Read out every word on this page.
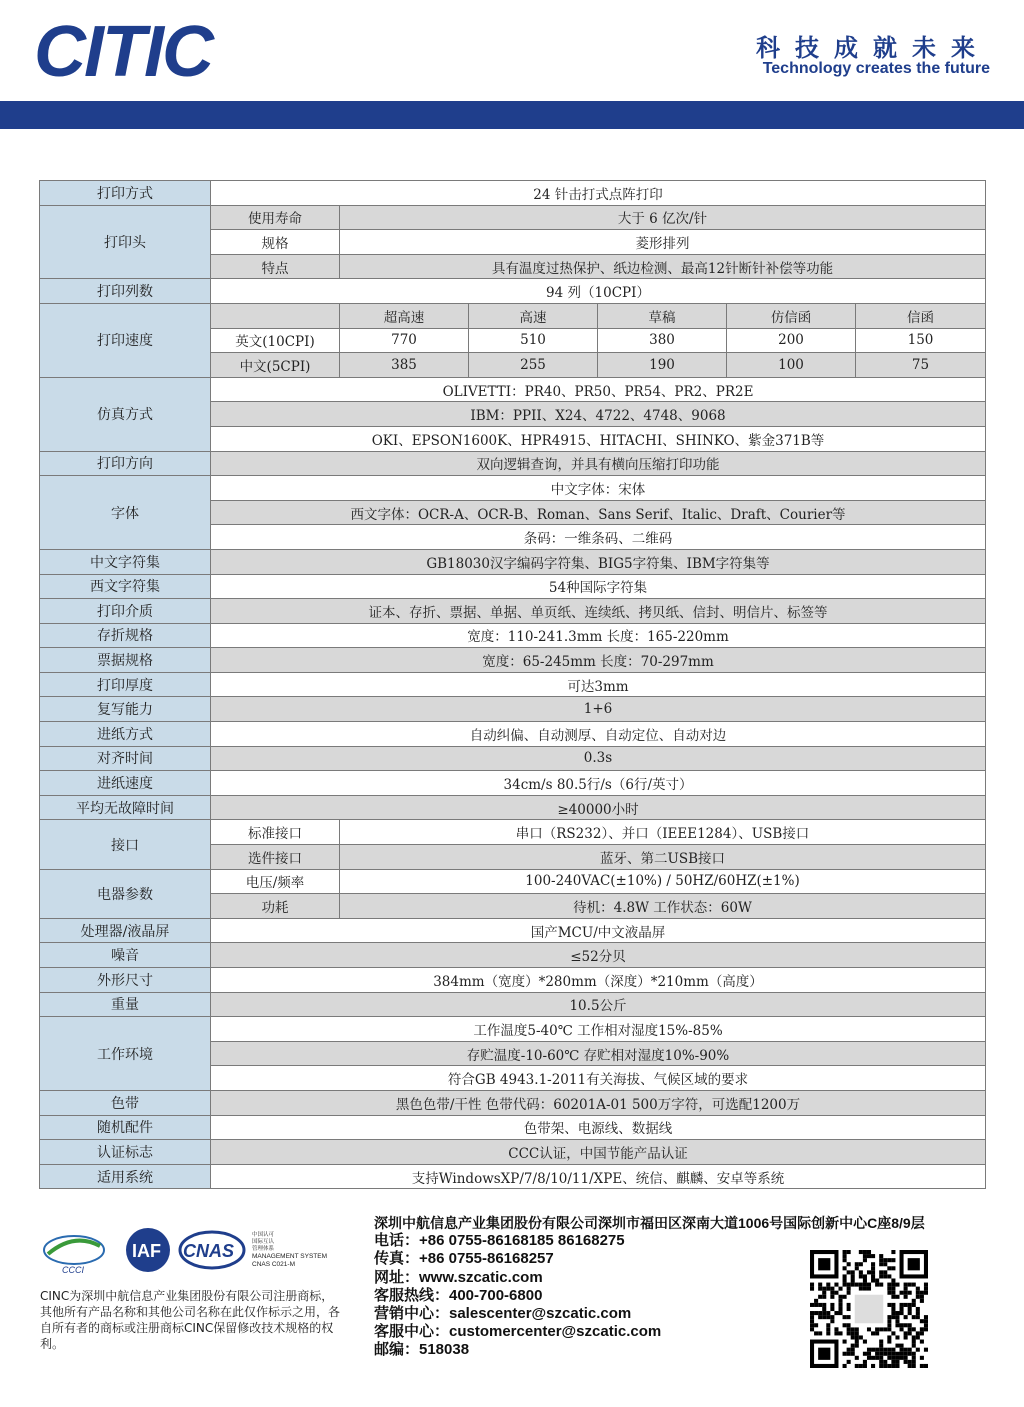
CITIC	科技成就未来
Technology creates the future
打印方式	24 针击打式点阵打印					
打印头	使用寿命	大于 6 亿次/针				
	规格	菱形排列				
	特点	具有温度过热保护、纸边检测、最高12针断针补偿等功能				
打印列数	94 列（10CPI）					
打印速度		超高速	高速	草稿	仿信函	信函
	英文(10CPI)	770	510	380	200	150
	中文(5CPI)	385	255	190	100	75
仿真方式	OLIVETTI：PR40、PR50、PR54、PR2、PR2E					
	IBM：PPII、X24、4722、4748、9068					
	OKI、EPSON1600K、HPR4915、HITACHI、SHINKO、紫金371B等					
打印方向	双向逻辑查询，并具有横向压缩打印功能					
字体	中文字体：宋体					
	西文字体：OCR-A、OCR-B、Roman、Sans Serif、Italic、Draft、Courier等					
	条码：一维条码、二维码					
中文字符集	GB18030汉字编码字符集、BIG5字符集、IBM字符集等					
西文字符集	54种国际字符集					
打印介质	证本、存折、票据、单据、单页纸、连续纸、拷贝纸、信封、明信片、标签等					
存折规格	宽度：110-241.3mm 长度：165-220mm					
票据规格	宽度：65-245mm 长度：70-297mm					
打印厚度	可达3mm					
复写能力	1+6					
进纸方式	自动纠偏、自动测厚、自动定位、自动对边					
对齐时间	0.3s					
进纸速度	34cm/s 80.5行/s（6行/英寸）					
平均无故障时间	≥40000小时					
接口	标准接口	串口（RS232）、并口（IEEE1284）、USB接口				
	选件接口	蓝牙、第二USB接口				
电器参数	电压/频率	100-240VAC(±10%) / 50HZ/60HZ(±1%)				
	功耗	待机：4.8W 工作状态：60W				
处理器/液晶屏	国产MCU/中文液晶屏					
噪音	≤52分贝					
外形尺寸	384mm（宽度）*280mm（深度）*210mm（高度）					
重量	10.5公斤					
工作环境	工作温度5-40℃ 工作相对湿度15%-85%					
	存贮温度-10-60℃ 存贮相对湿度10%-90%					
	符合GB 4943.1-2011有关海拔、气候区域的要求					
色带	黑色色带/干性 色带代码：60201A-01 500万字符，可选配1200万					
随机配件	色带架、电源线、数据线					
认证标志	CCC认证，中国节能产品认证					
适用系统	支持WindowsXP/7/8/10/11/XPE、统信、麒麟、安卓等系统					
CCCI
IAF CNAS
中国认可
国际互认
管理体系
MANAGEMENT SYSTEM
CNAS C021-M
CINC为深圳中航信息产业集团股份有限公司注册商标，其他所有产品名称和其他公司名称在此仅作标示之用，各自所有者的商标或注册商标CINC保留修改技术规格的权利。
深圳中航信息产业集团股份有限公司深圳市福田区深南大道1006号国际创新中心C座8/9层
电话：+86 0755-86168185 86168275
传真：+86 0755-86168257
网址：www.szcatic.com
客服热线：400-700-6800
营销中心：salescenter@szcatic.com
客服中心：customercenter@szcatic.com
邮编：518038
